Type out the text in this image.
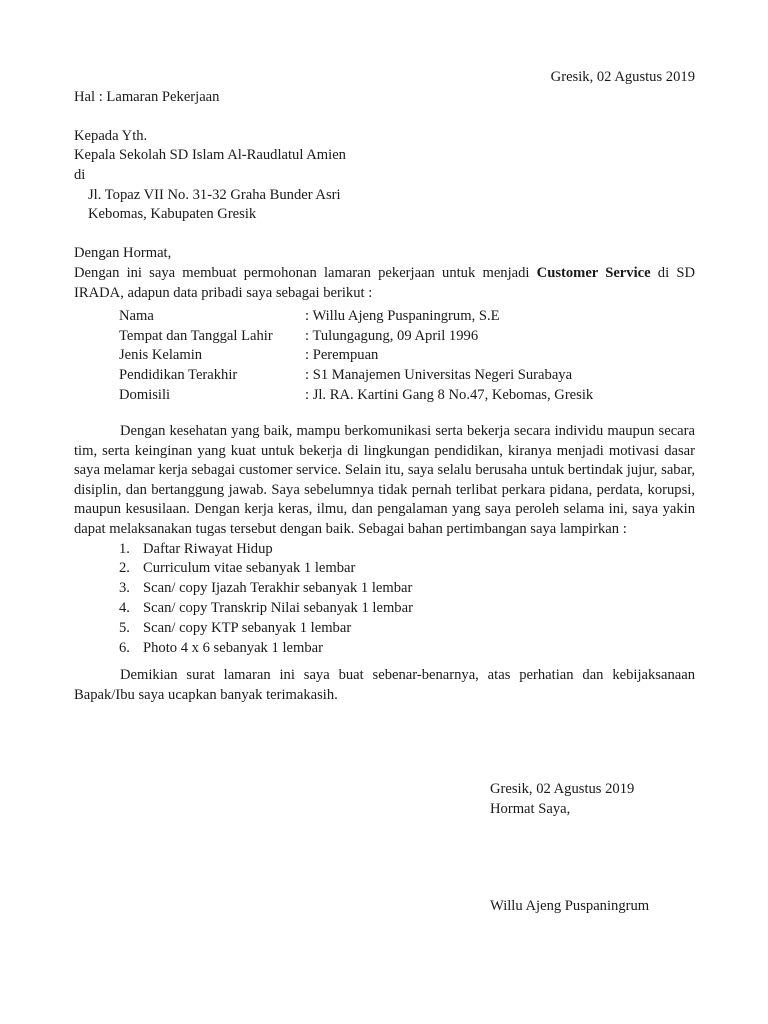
Gresik, 02 Agustus 2019
Hal : Lamaran Pekerjaan
Kepada Yth.
Kepala Sekolah SD Islam Al-Raudlatul Amien
di
Jl. Topaz VII No. 31-32 Graha Bunder Asri
Kebomas, Kabupaten Gresik
Dengan Hormat,
Dengan ini saya membuat permohonan lamaran pekerjaan untuk menjadi Customer Service di SD IRADA, adapun data pribadi saya sebagai berikut :
Nama	: Willu Ajeng Puspaningrum, S.E
Tempat dan Tanggal Lahir	: Tulungagung, 09 April 1996
Jenis Kelamin	: Perempuan
Pendidikan Terakhir	: S1 Manajemen Universitas Negeri Surabaya
Domisili	: Jl. RA. Kartini Gang 8 No.47, Kebomas, Gresik
Dengan kesehatan yang baik, mampu berkomunikasi serta bekerja secara individu maupun secara tim, serta keinginan yang kuat untuk bekerja di lingkungan pendidikan, kiranya menjadi motivasi dasar saya melamar kerja sebagai customer service. Selain itu, saya selalu berusaha untuk bertindak jujur, sabar, disiplin, dan bertanggung jawab. Saya sebelumnya tidak pernah terlibat perkara pidana, perdata, korupsi, maupun kesusilaan. Dengan kerja keras, ilmu, dan pengalaman yang saya peroleh selama ini, saya yakin dapat melaksanakan tugas tersebut dengan baik. Sebagai bahan pertimbangan saya lampirkan :
1. Daftar Riwayat Hidup
2. Curriculum vitae sebanyak 1 lembar
3. Scan/ copy Ijazah Terakhir sebanyak 1 lembar
4. Scan/ copy Transkrip Nilai sebanyak 1 lembar
5. Scan/ copy KTP sebanyak 1 lembar
6. Photo 4 x 6 sebanyak 1 lembar
Demikian surat lamaran ini saya buat sebenar-benarnya, atas perhatian dan kebijaksanaan Bapak/Ibu saya ucapkan banyak terimakasih.
Gresik, 02 Agustus 2019
Hormat Saya,
Willu Ajeng Puspaningrum
